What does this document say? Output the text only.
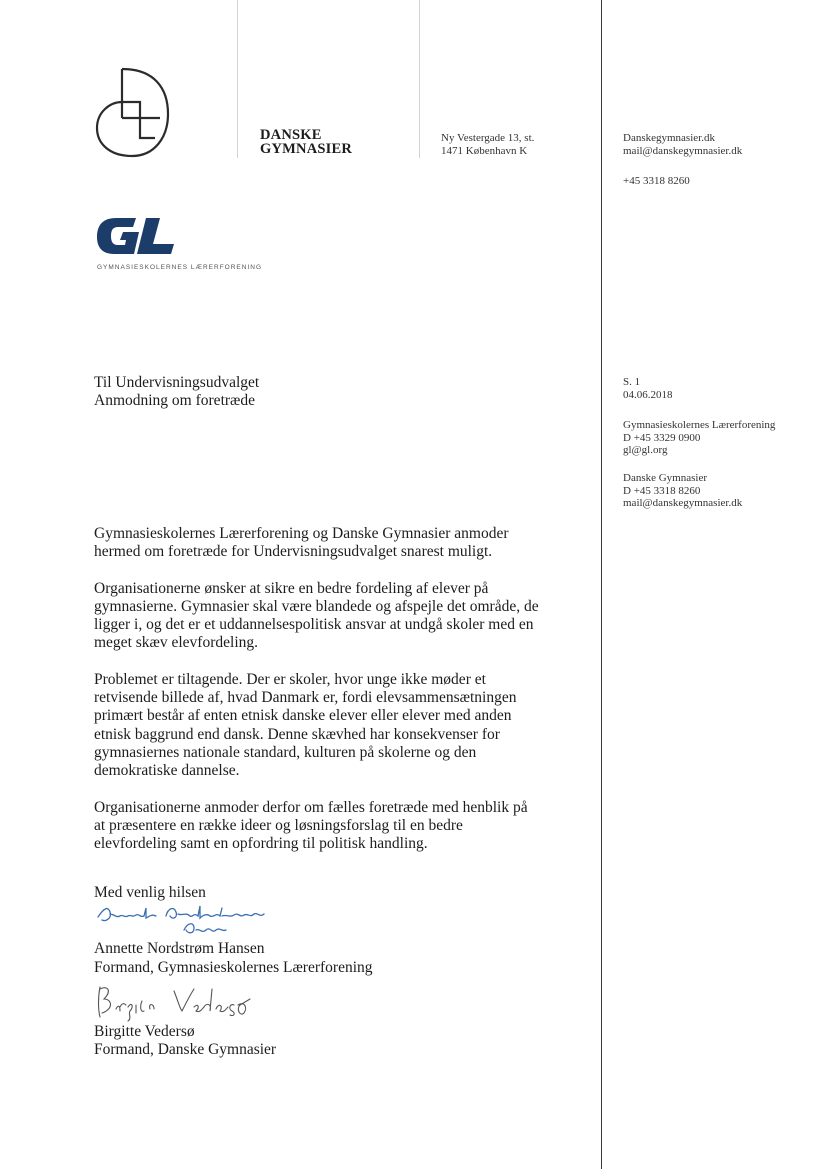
DANSKE
GYMNASIER
Ny Vestergade 13, st.
1471 København K
Danskegymnasier.dk
mail@danskegymnasier.dk
+45 3318 8260
GYMNASIESKOLERNES LÆRERFORENING
Til Undervisningsudvalget
Anmodning om foretræde
S. 1
04.06.2018
Gymnasieskolernes Lærerforening
D +45 3329 0900
gl@gl.org
Danske Gymnasier
D +45 3318 8260
mail@danskegymnasier.dk

Gymnasieskolernes Lærerforening og Danske Gymnasier anmoder
hermed om foretræde for Undervisningsudvalget snarest muligt.

Organisationerne ønsker at sikre en bedre fordeling af elever på
gymnasierne. Gymnasier skal være blandede og afspejle det område, de
ligger i, og det er et uddannelsespolitisk ansvar at undgå skoler med en
meget skæv elevfordeling.

Problemet er tiltagende. Der er skoler, hvor unge ikke møder et
retvisende billede af, hvad Danmark er, fordi elevsammensætningen
primært består af enten etnisk danske elever eller elever med anden
etnisk baggrund end dansk. Denne skævhed har konsekvenser for
gymnasiernes nationale standard, kulturen på skolerne og den
demokratiske dannelse.

Organisationerne anmoder derfor om fælles foretræde med henblik på
at præsentere en række ideer og løsningsforslag til en bedre
elevfordeling samt en opfordring til politisk handling.

Med venlig hilsen
Annette Nordstrøm Hansen
Formand, Gymnasieskolernes Lærerforening
Birgitte Vedersø
Formand, Danske Gymnasier
